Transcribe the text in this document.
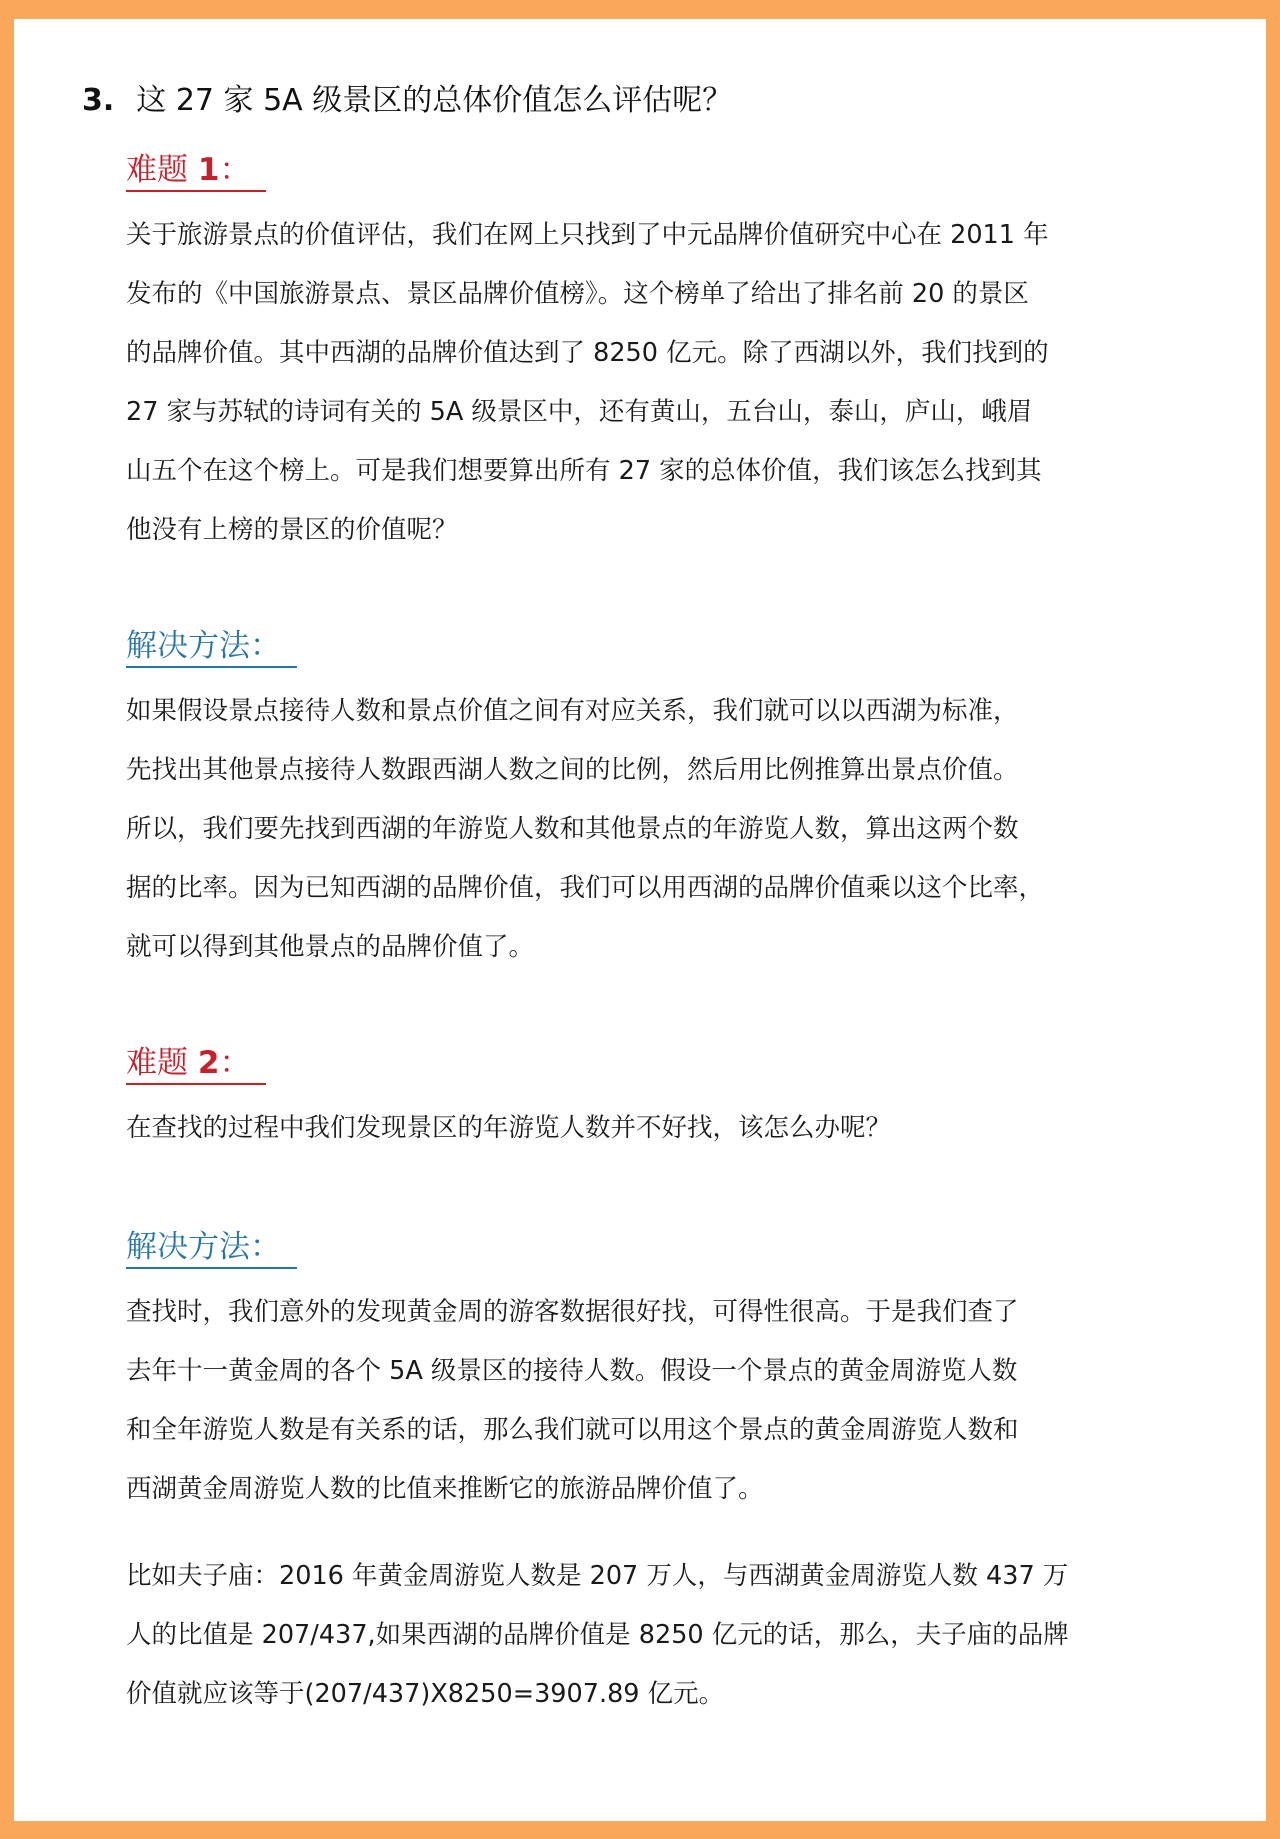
3. 这 27 家 5A 级景区的总体价值怎么评估呢？
难题 1：

关于旅游景点的价值评估，我们在网上只找到了中元品牌价值研究中心在 2011 年
发布的《中国旅游景点、景区品牌价值榜》。这个榜单了给出了排名前 20 的景区
的品牌价值。其中西湖的品牌价值达到了 8250 亿元。除了西湖以外，我们找到的
27 家与苏轼的诗词有关的 5A 级景区中，还有黄山，五台山，泰山，庐山，峨眉
山五个在这个榜上。可是我们想要算出所有 27 家的总体价值，我们该怎么找到其
他没有上榜的景区的价值呢？

解决方法：

如果假设景点接待人数和景点价值之间有对应关系，我们就可以以西湖为标准，
先找出其他景点接待人数跟西湖人数之间的比例，然后用比例推算出景点价值。
所以，我们要先找到西湖的年游览人数和其他景点的年游览人数，算出这两个数
据的比率。因为已知西湖的品牌价值，我们可以用西湖的品牌价值乘以这个比率，
就可以得到其他景点的品牌价值了。

难题 2：

在查找的过程中我们发现景区的年游览人数并不好找，该怎么办呢？

解决方法：

查找时，我们意外的发现黄金周的游客数据很好找，可得性很高。于是我们查了
去年十一黄金周的各个 5A 级景区的接待人数。假设一个景点的黄金周游览人数
和全年游览人数是有关系的话，那么我们就可以用这个景点的黄金周游览人数和
西湖黄金周游览人数的比值来推断它的旅游品牌价值了。

比如夫子庙：2016 年黄金周游览人数是 207 万人，与西湖黄金周游览人数 437 万
人的比值是 207/437,如果西湖的品牌价值是 8250 亿元的话，那么，夫子庙的品牌
价值就应该等于(207/437)X8250=3907.89 亿元。
